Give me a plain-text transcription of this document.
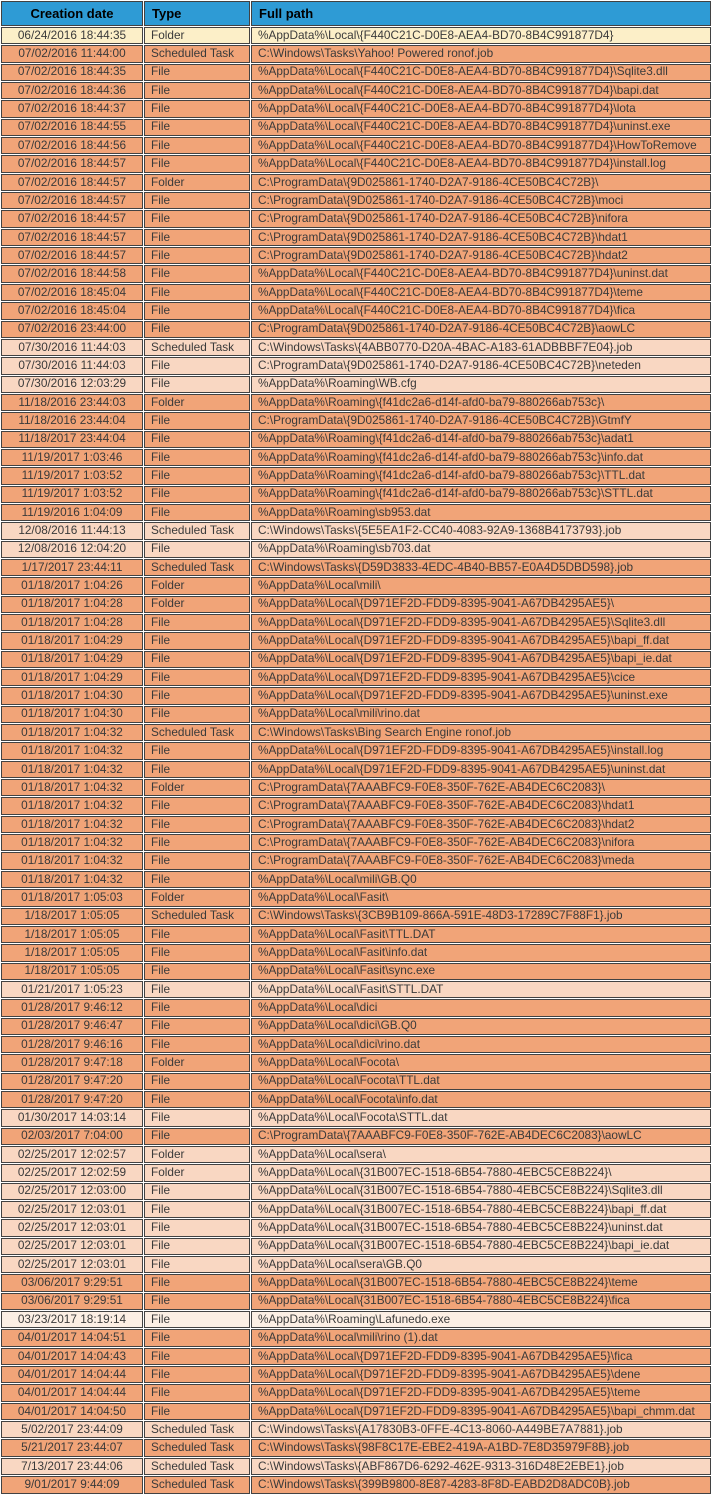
Creation date	Type	Full path
06/24/2016 18:44:35	Folder	%AppData%\Local\{F440C21C-D0E8-AEA4-BD70-8B4C991877D4}
07/02/2016 11:44:00	Scheduled Task	C:\Windows\Tasks\Yahoo! Powered ronof.job
07/02/2016 18:44:35	File	%AppData%\Local\{F440C21C-D0E8-AEA4-BD70-8B4C991877D4}\Sqlite3.dll
07/02/2016 18:44:36	File	%AppData%\Local\{F440C21C-D0E8-AEA4-BD70-8B4C991877D4}\bapi.dat
07/02/2016 18:44:37	File	%AppData%\Local\{F440C21C-D0E8-AEA4-BD70-8B4C991877D4}\lota
07/02/2016 18:44:55	File	%AppData%\Local\{F440C21C-D0E8-AEA4-BD70-8B4C991877D4}\uninst.exe
07/02/2016 18:44:56	File	%AppData%\Local\{F440C21C-D0E8-AEA4-BD70-8B4C991877D4}\HowToRemove
07/02/2016 18:44:57	File	%AppData%\Local\{F440C21C-D0E8-AEA4-BD70-8B4C991877D4}\install.log
07/02/2016 18:44:57	Folder	C:\ProgramData\{9D025861-1740-D2A7-9186-4CE50BC4C72B}\
07/02/2016 18:44:57	File	C:\ProgramData\{9D025861-1740-D2A7-9186-4CE50BC4C72B}\moci
07/02/2016 18:44:57	File	C:\ProgramData\{9D025861-1740-D2A7-9186-4CE50BC4C72B}\nifora
07/02/2016 18:44:57	File	C:\ProgramData\{9D025861-1740-D2A7-9186-4CE50BC4C72B}\hdat1
07/02/2016 18:44:57	File	C:\ProgramData\{9D025861-1740-D2A7-9186-4CE50BC4C72B}\hdat2
07/02/2016 18:44:58	File	%AppData%\Local\{F440C21C-D0E8-AEA4-BD70-8B4C991877D4}\uninst.dat
07/02/2016 18:45:04	File	%AppData%\Local\{F440C21C-D0E8-AEA4-BD70-8B4C991877D4}\teme
07/02/2016 18:45:04	File	%AppData%\Local\{F440C21C-D0E8-AEA4-BD70-8B4C991877D4}\fica
07/02/2016 23:44:00	File	C:\ProgramData\{9D025861-1740-D2A7-9186-4CE50BC4C72B}\aowLC
07/30/2016 11:44:03	Scheduled Task	C:\Windows\Tasks\{4ABB0770-D20A-4BAC-A183-61ADBBBF7E04}.job
07/30/2016 11:44:03	File	C:\ProgramData\{9D025861-1740-D2A7-9186-4CE50BC4C72B}\neteden
07/30/2016 12:03:29	File	%AppData%\Roaming\WB.cfg
11/18/2016 23:44:03	Folder	%AppData%\Roaming\{f41dc2a6-d14f-afd0-ba79-880266ab753c}\
11/18/2016 23:44:04	File	C:\ProgramData\{9D025861-1740-D2A7-9186-4CE50BC4C72B}\GtmfY
11/18/2017 23:44:04	File	%AppData%\Roaming\{f41dc2a6-d14f-afd0-ba79-880266ab753c}\adat1
11/19/2017 1:03:46	File	%AppData%\Roaming\{f41dc2a6-d14f-afd0-ba79-880266ab753c}\info.dat
11/19/2017 1:03:52	File	%AppData%\Roaming\{f41dc2a6-d14f-afd0-ba79-880266ab753c}\TTL.dat
11/19/2017 1:03:52	File	%AppData%\Roaming\{f41dc2a6-d14f-afd0-ba79-880266ab753c}\STTL.dat
11/19/2016 1:04:09	File	%AppData%\Roaming\sb953.dat
12/08/2016 11:44:13	Scheduled Task	C:\Windows\Tasks\{5E5EA1F2-CC40-4083-92A9-1368B4173793}.job
12/08/2016 12:04:20	File	%AppData%\Roaming\sb703.dat
1/17/2017 23:44:11	Scheduled Task	C:\Windows\Tasks\{D59D3833-4EDC-4B40-BB57-E0A4D5DBD598}.job
01/18/2017 1:04:26	Folder	%AppData%\Local\mili\
01/18/2017 1:04:28	Folder	%AppData%\Local\{D971EF2D-FDD9-8395-9041-A67DB4295AE5}\
01/18/2017 1:04:28	File	%AppData%\Local\{D971EF2D-FDD9-8395-9041-A67DB4295AE5}\Sqlite3.dll
01/18/2017 1:04:29	File	%AppData%\Local\{D971EF2D-FDD9-8395-9041-A67DB4295AE5}\bapi_ff.dat
01/18/2017 1:04:29	File	%AppData%\Local\{D971EF2D-FDD9-8395-9041-A67DB4295AE5}\bapi_ie.dat
01/18/2017 1:04:29	File	%AppData%\Local\{D971EF2D-FDD9-8395-9041-A67DB4295AE5}\cice
01/18/2017 1:04:30	File	%AppData%\Local\{D971EF2D-FDD9-8395-9041-A67DB4295AE5}\uninst.exe
01/18/2017 1:04:30	File	%AppData%\Local\mili\rino.dat
01/18/2017 1:04:32	Scheduled Task	C:\Windows\Tasks\Bing Search Engine ronof.job
01/18/2017 1:04:32	File	%AppData%\Local\{D971EF2D-FDD9-8395-9041-A67DB4295AE5}\install.log
01/18/2017 1:04:32	File	%AppData%\Local\{D971EF2D-FDD9-8395-9041-A67DB4295AE5}\uninst.dat
01/18/2017 1:04:32	Folder	C:\ProgramData\{7AAABFC9-F0E8-350F-762E-AB4DEC6C2083}\
01/18/2017 1:04:32	File	C:\ProgramData\{7AAABFC9-F0E8-350F-762E-AB4DEC6C2083}\hdat1
01/18/2017 1:04:32	File	C:\ProgramData\{7AAABFC9-F0E8-350F-762E-AB4DEC6C2083}\hdat2
01/18/2017 1:04:32	File	C:\ProgramData\{7AAABFC9-F0E8-350F-762E-AB4DEC6C2083}\nifora
01/18/2017 1:04:32	File	C:\ProgramData\{7AAABFC9-F0E8-350F-762E-AB4DEC6C2083}\meda
01/18/2017 1:04:32	File	%AppData%\Local\mili\GB.Q0
01/18/2017 1:05:03	Folder	%AppData%\Local\Fasit\
1/18/2017 1:05:05	Scheduled Task	C:\Windows\Tasks\{3CB9B109-866A-591E-48D3-17289C7F88F1}.job
1/18/2017 1:05:05	File	%AppData%\Local\Fasit\TTL.DAT
1/18/2017 1:05:05	File	%AppData%\Local\Fasit\info.dat
1/18/2017 1:05:05	File	%AppData%\Local\Fasit\sync.exe
01/21/2017 1:05:23	File	%AppData%\Local\Fasit\STTL.DAT
01/28/2017 9:46:12	File	%AppData%\Local\dici
01/28/2017 9:46:47	File	%AppData%\Local\dici\GB.Q0
01/28/2017 9:46:16	File	%AppData%\Local\dici\rino.dat
01/28/2017 9:47:18	Folder	%AppData%\Local\Focota\
01/28/2017 9:47:20	File	%AppData%\Local\Focota\TTL.dat
01/28/2017 9:47:20	File	%AppData%\Local\Focota\info.dat
01/30/2017 14:03:14	File	%AppData%\Local\Focota\STTL.dat
02/03/2017 7:04:00	File	C:\ProgramData\{7AAABFC9-F0E8-350F-762E-AB4DEC6C2083}\aowLC
02/25/2017 12:02:57	Folder	%AppData%\Local\sera\
02/25/2017 12:02:59	Folder	%AppData%\Local\{31B007EC-1518-6B54-7880-4EBC5CE8B224}\
02/25/2017 12:03:00	File	%AppData%\Local\{31B007EC-1518-6B54-7880-4EBC5CE8B224}\Sqlite3.dll
02/25/2017 12:03:01	File	%AppData%\Local\{31B007EC-1518-6B54-7880-4EBC5CE8B224}\bapi_ff.dat
02/25/2017 12:03:01	File	%AppData%\Local\{31B007EC-1518-6B54-7880-4EBC5CE8B224}\uninst.dat
02/25/2017 12:03:01	File	%AppData%\Local\{31B007EC-1518-6B54-7880-4EBC5CE8B224}\bapi_ie.dat
02/25/2017 12:03:01	File	%AppData%\Local\sera\GB.Q0
03/06/2017 9:29:51	File	%AppData%\Local\{31B007EC-1518-6B54-7880-4EBC5CE8B224}\teme
03/06/2017 9:29:51	File	%AppData%\Local\{31B007EC-1518-6B54-7880-4EBC5CE8B224}\fica
03/23/2017 18:19:14	File	%AppData%\Roaming\Lafunedo.exe
04/01/2017 14:04:51	File	%AppData%\Local\mili\rino (1).dat
04/01/2017 14:04:43	File	%AppData%\Local\{D971EF2D-FDD9-8395-9041-A67DB4295AE5}\fica
04/01/2017 14:04:44	File	%AppData%\Local\{D971EF2D-FDD9-8395-9041-A67DB4295AE5}\dene
04/01/2017 14:04:44	File	%AppData%\Local\{D971EF2D-FDD9-8395-9041-A67DB4295AE5}\teme
04/01/2017 14:04:50	File	%AppData%\Local\{D971EF2D-FDD9-8395-9041-A67DB4295AE5}\bapi_chmm.dat
5/02/2017 23:44:09	Scheduled Task	C:\Windows\Tasks\{A17830B3-0FFE-4C13-8060-A449BE7A7881}.job
5/21/2017 23:44:07	Scheduled Task	C:\Windows\Tasks\{98F8C17E-EBE2-419A-A1BD-7E8D35979F8B}.job
7/13/2017 23:44:06	Scheduled Task	C:\Windows\Tasks\{ABF867D6-6292-462E-9313-316D48E2EBE1}.job
9/01/2017 9:44:09	Scheduled Task	C:\Windows\Tasks\{399B9800-8E87-4283-8F8D-EABD2D8ADC0B}.job
